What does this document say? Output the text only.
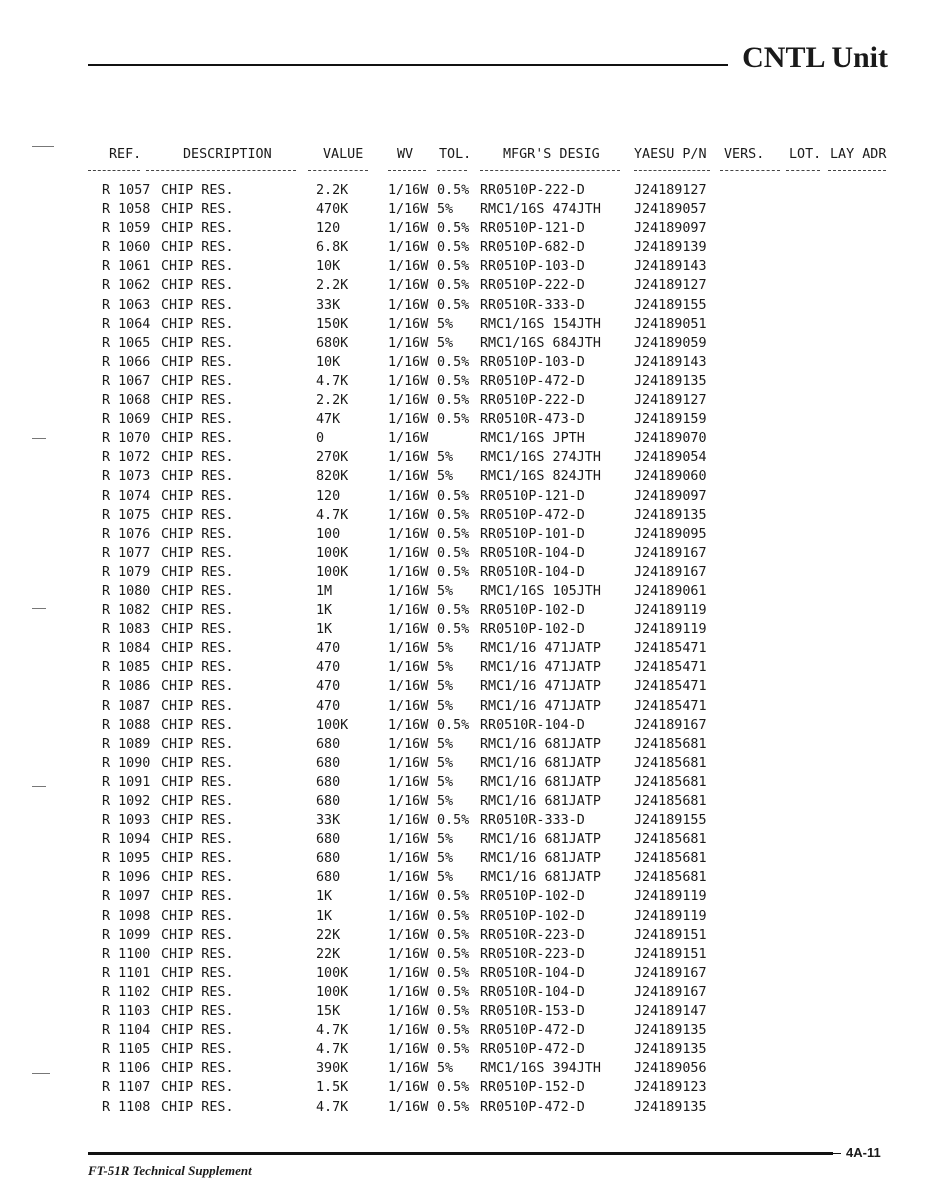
CNTL Unit
REF.	DESCRIPTION	VALUE	WV TOL. MFGR'S DESIG	YAESU P/N VERS. LOT. LAY ADR
R 1057 CHIP RES.	2.2K	1/16W 0.5% RR0510P-222-D	J24189127
R 1058 CHIP RES.	470K	1/16W 5% RMC1/16S 474JTH J24189057
R 1059 CHIP RES.	120	1/16W 0.5% RR0510P-121-D	J24189097
R 1060 CHIP RES.	6.8K	1/16W 0.5% RR0510P-682-D	J24189139
R 1061 CHIP RES.	10K	1/16W 0.5% RR0510P-103-D	J24189143
R 1062 CHIP RES.	2.2K	1/16W 0.5% RR0510P-222-D	J24189127
R 1063 CHIP RES.	33K	1/16W 0.5% RR0510R-333-D	J24189155
R 1064 CHIP RES.	150K	1/16W 5% RMC1/16S 154JTH J24189051
R 1065 CHIP RES.	680K	1/16W 5% RMC1/16S 684JTH J24189059
R 1066 CHIP RES.	10K	1/16W 0.5% RR0510P-103-D	J24189143
R 1067 CHIP RES.	4.7K	1/16W 0.5% RR0510P-472-D	J24189135
R 1068 CHIP RES.	2.2K	1/16W 0.5% RR0510P-222-D	J24189127
R 1069 CHIP RES.	47K	1/16W 0.5% RR0510R-473-D	J24189159
R 1070 CHIP RES.	0	1/16W	RMC1/16S JPTH	J24189070
R 1072 CHIP RES.	270K	1/16W 5% RMC1/16S 274JTH J24189054
R 1073 CHIP RES.	820K	1/16W 5% RMC1/16S 824JTH J24189060
R 1074 CHIP RES.	120	1/16W 0.5% RR0510P-121-D	J24189097
R 1075 CHIP RES.	4.7K	1/16W 0.5% RR0510P-472-D	J24189135
R 1076 CHIP RES.	100	1/16W 0.5% RR0510P-101-D	J24189095
R 1077 CHIP RES.	100K	1/16W 0.5% RR0510R-104-D	J24189167
R 1079 CHIP RES.	100K	1/16W 0.5% RR0510R-104-D	J24189167
R 1080 CHIP RES.	1M	1/16W 5% RMC1/16S 105JTH J24189061
R 1082 CHIP RES.	1K	1/16W 0.5% RR0510P-102-D	J24189119
R 1083 CHIP RES.	1K	1/16W 0.5% RR0510P-102-D	J24189119
R 1084 CHIP RES.	470	1/16W 5% RMC1/16 471JATP J24185471
R 1085 CHIP RES.	470	1/16W 5% RMC1/16 471JATP J24185471
R 1086 CHIP RES.	470	1/16W 5% RMC1/16 471JATP J24185471
R 1087 CHIP RES.	470	1/16W 5% RMC1/16 471JATP J24185471
R 1088 CHIP RES.	100K	1/16W 0.5% RR0510R-104-D	J24189167
R 1089 CHIP RES.	680	1/16W 5% RMC1/16 681JATP J24185681
R 1090 CHIP RES.	680	1/16W 5% RMC1/16 681JATP J24185681
R 1091 CHIP RES.	680	1/16W 5% RMC1/16 681JATP J24185681
R 1092 CHIP RES.	680	1/16W 5% RMC1/16 681JATP J24185681
R 1093 CHIP RES.	33K	1/16W 0.5% RR0510R-333-D	J24189155
R 1094 CHIP RES.	680	1/16W 5% RMC1/16 681JATP J24185681
R 1095 CHIP RES.	680	1/16W 5% RMC1/16 681JATP J24185681
R 1096 CHIP RES.	680	1/16W 5% RMC1/16 681JATP J24185681
R 1097 CHIP RES.	1K	1/16W 0.5% RR0510P-102-D	J24189119
R 1098 CHIP RES.	1K	1/16W 0.5% RR0510P-102-D	J24189119
R 1099 CHIP RES.	22K	1/16W 0.5% RR0510R-223-D	J24189151
R 1100 CHIP RES.	22K	1/16W 0.5% RR0510R-223-D	J24189151
R 1101 CHIP RES.	100K	1/16W 0.5% RR0510R-104-D	J24189167
R 1102 CHIP RES.	100K	1/16W 0.5% RR0510R-104-D	J24189167
R 1103 CHIP RES.	15K	1/16W 0.5% RR0510R-153-D	J24189147
R 1104 CHIP RES.	4.7K	1/16W 0.5% RR0510P-472-D	J24189135
R 1105 CHIP RES.	4.7K	1/16W 0.5% RR0510P-472-D	J24189135
R 1106 CHIP RES.	390K	1/16W 5% RMC1/16S 394JTH J24189056
R 1107 CHIP RES.	1.5K	1/16W 0.5% RR0510P-152-D	J24189123
R 1108 CHIP RES.	4.7K	1/16W 0.5% RR0510P-472-D	J24189135
4A-11
FT-51R Technical Supplement
